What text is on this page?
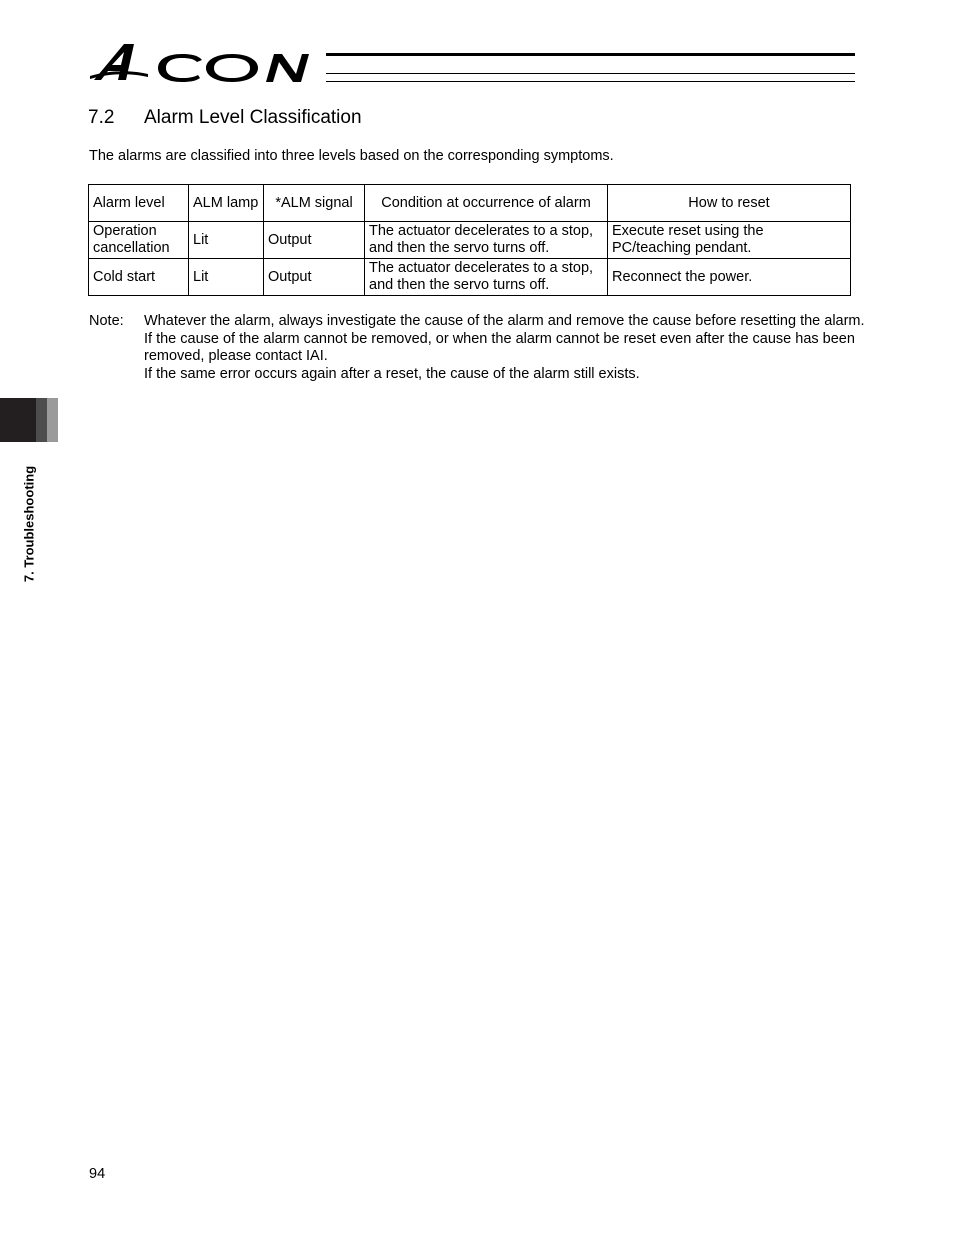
7.2 Alarm Level Classification
The alarms are classified into three levels based on the corresponding symptoms.
Alarm level	ALM lamp	*ALM signal	Condition at occurrence of alarm	How to reset
Operation cancellation	Lit	Output	The actuator decelerates to a stop, and then the servo turns off.	Execute reset using the PC/teaching pendant.
Cold start	Lit	Output	The actuator decelerates to a stop, and then the servo turns off.	Reconnect the power.
Note: Whatever the alarm, always investigate the cause of the alarm and remove the cause before resetting the alarm. If the cause of the alarm cannot be removed, or when the alarm cannot be reset even after the cause has been removed, please contact IAI.
If the same error occurs again after a reset, the cause of the alarm still exists.
7. Troubleshooting
94
